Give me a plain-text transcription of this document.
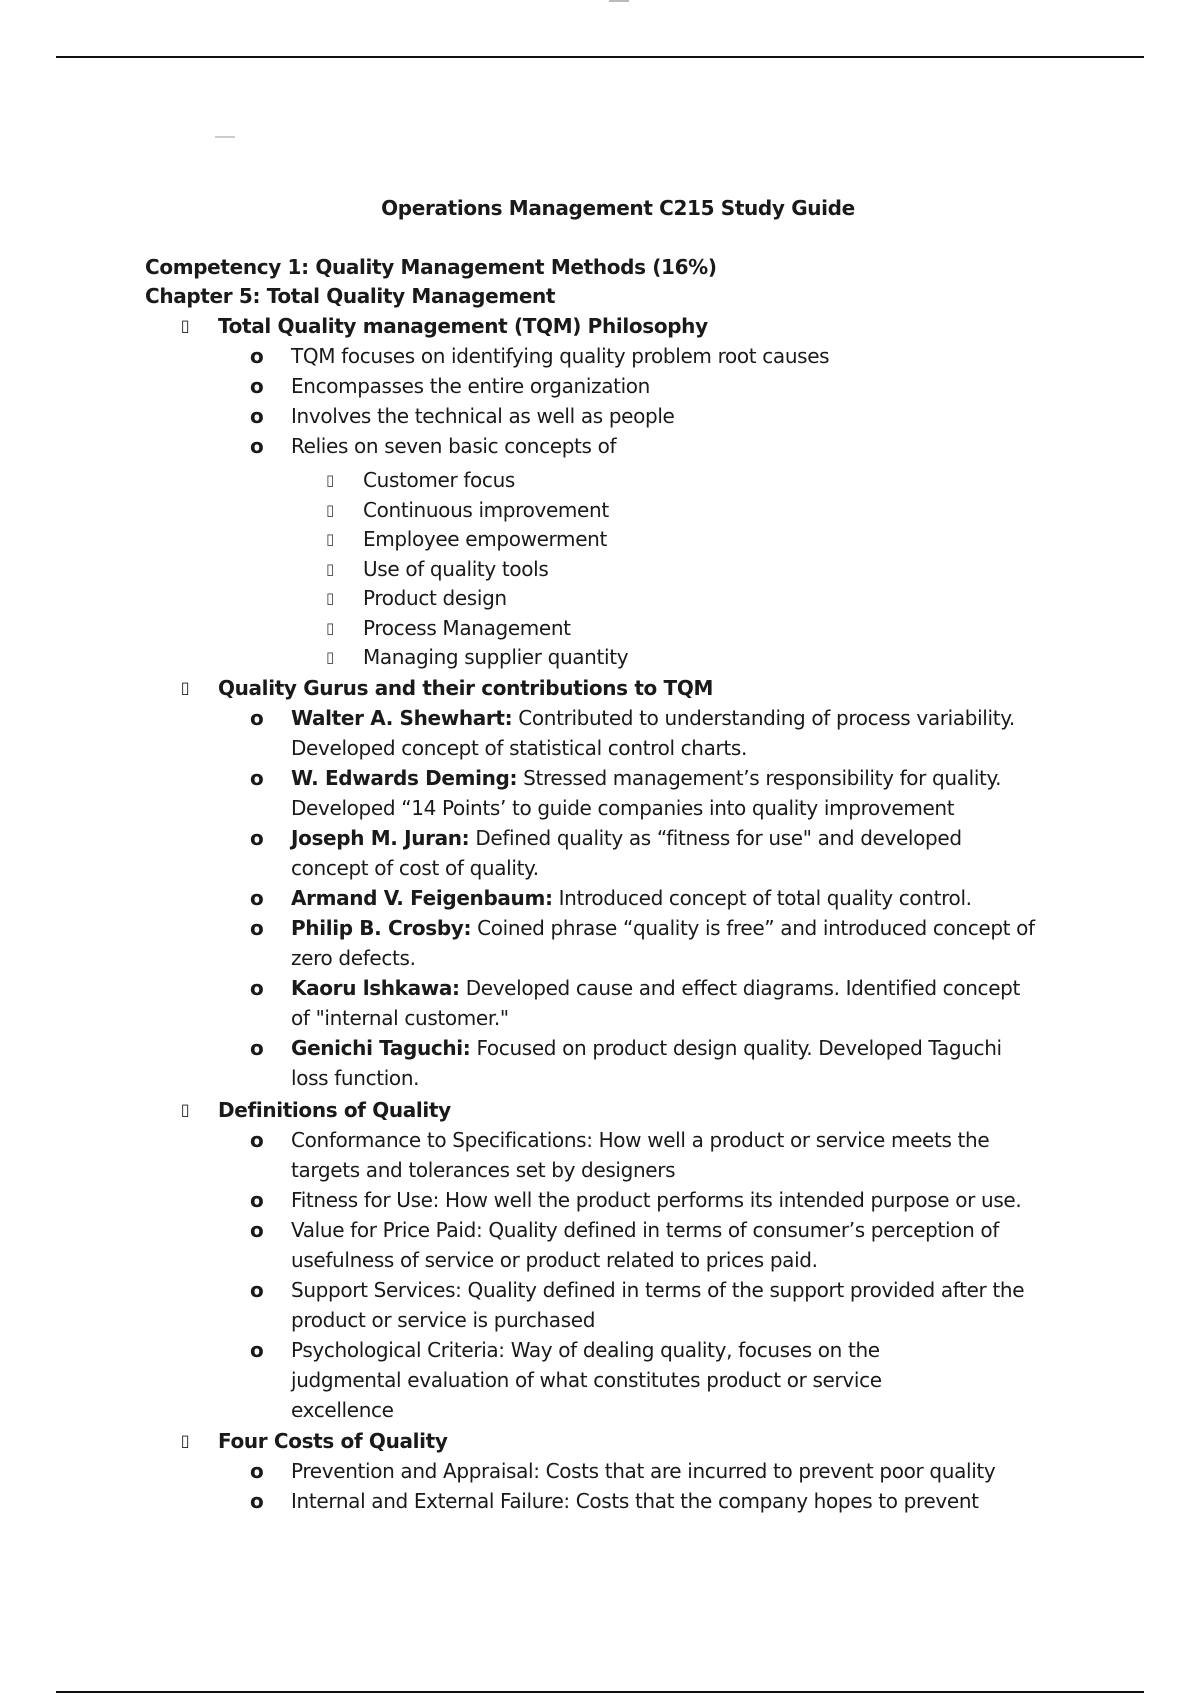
Operations Management C215 Study Guide
Competency 1: Quality Management Methods (16%)
Chapter 5: Total Quality Management
▯ Total Quality management (TQM) Philosophy
o TQM focuses on identifying quality problem root causes
o Encompasses the entire organization
o Involves the technical as well as people
o Relies on seven basic concepts of
▯ Customer focus
▯ Continuous improvement
▯ Employee empowerment
▯ Use of quality tools
▯ Product design
▯ Process Management
▯ Managing supplier quantity
▯ Quality Gurus and their contributions to TQM
o Walter A. Shewhart: Contributed to understanding of process variability. Developed concept of statistical control charts.
o W. Edwards Deming: Stressed management’s responsibility for quality. Developed “14 Points’ to guide companies into quality improvement
o Joseph M. Juran: Defined quality as “fitness for use" and developed concept of cost of quality.
o Armand V. Feigenbaum: Introduced concept of total quality control.
o Philip B. Crosby: Coined phrase “quality is free” and introduced concept of zero defects.
o Kaoru lshkawa: Developed cause and effect diagrams. Identified concept of "internal customer."
o Genichi Taguchi: Focused on product design quality. Developed Taguchi loss function.
▯ Definitions of Quality
o Conformance to Specifications: How well a product or service meets the targets and tolerances set by designers
o Fitness for Use: How well the product performs its intended purpose or use.
o Value for Price Paid: Quality defined in terms of consumer’s perception of usefulness of service or product related to prices paid.
o Support Services: Quality defined in terms of the support provided after the product or service is purchased
o Psychological Criteria: Way of dealing quality, focuses on the judgmental evaluation of what constitutes product or service excellence
▯ Four Costs of Quality
o Prevention and Appraisal: Costs that are incurred to prevent poor quality
o Internal and External Failure: Costs that the company hopes to prevent
